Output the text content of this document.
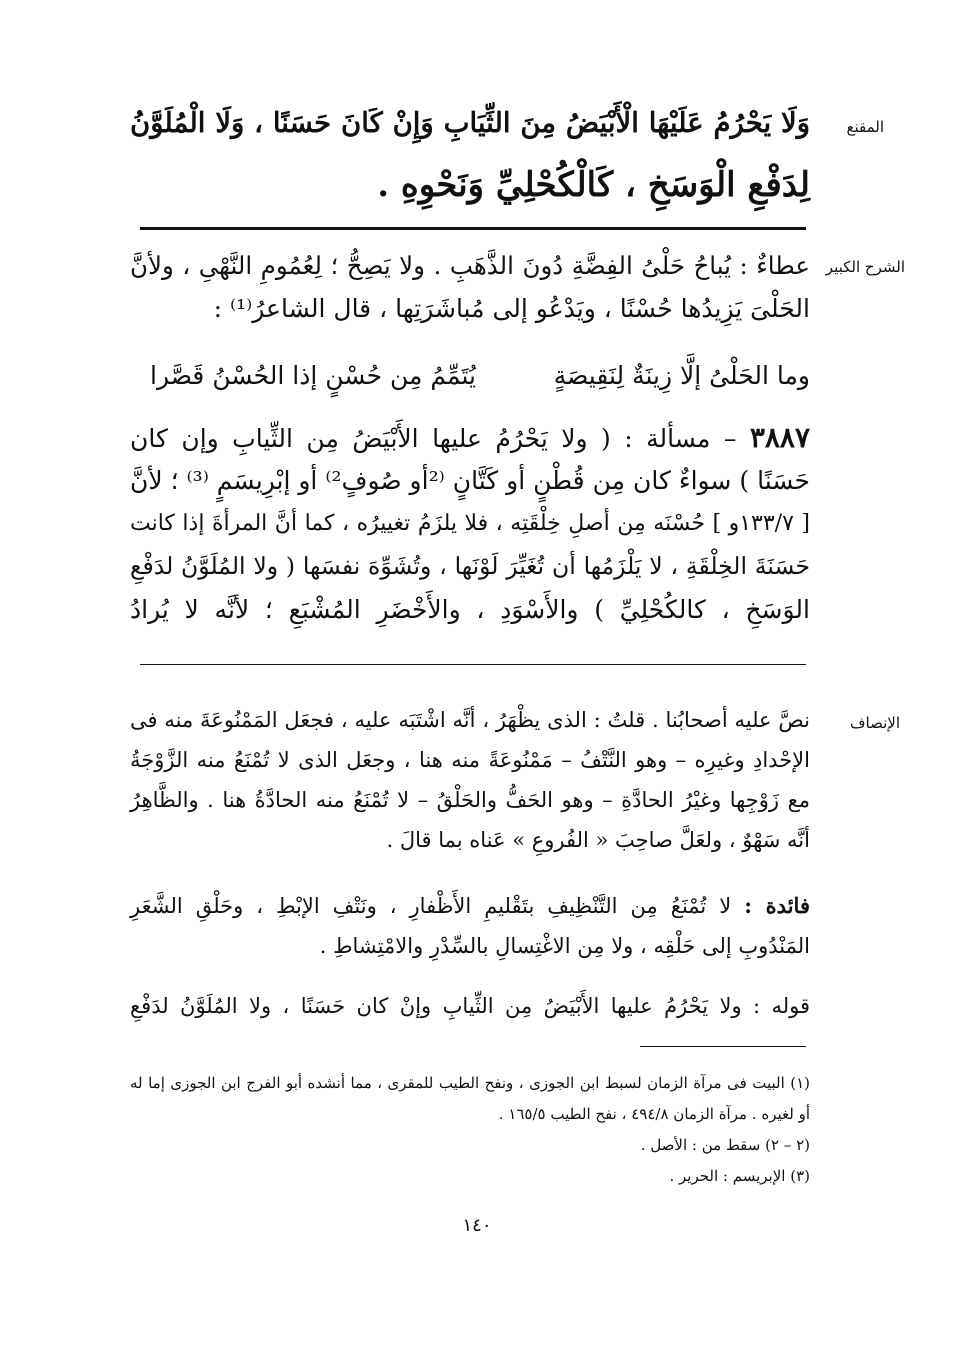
المقنع
وَلَا يَحْرُمُ عَلَيْهَا الْأَبْيَضُ مِنَ الثِّيَابِ وَإِنْ كَانَ حَسَنًا ، وَلَا الْمُلَوَّنُ
لِدَفْعِ الْوَسَخِ ، كَالْكُحْلِيِّ وَنَحْوِهِ .
الشرح الكبير
عطاءٌ : يُباحُ حَلْىُ الفِضَّةِ دُونَ الذَّهَبِ . ولا يَصِحُّ ؛ لِعُمُومِ النَّهْىِ ، ولأنَّ
الحَلْىَ يَزِيدُها حُسْنًا ، ويَدْعُو إلى مُباشَرَتِها ، قال الشاعرُ⁽¹⁾ :
وما الحَلْىُ إلَّا زِينَةٌ لِنَقِيصَةٍ
يُتَمِّمُ مِن حُسْنٍ إذا الحُسْنُ قَصَّرا
٣٨٨٧ – مسألة : ( ولا يَحْرُمُ عليها الأَبْيَضُ مِن الثِّيابِ وإن كان
حَسَنًا ) سواءٌ كان مِن قُطْنٍ أو كَتَّانٍ ⁽²أو صُوفٍ²⁾ أو إبْرِيسَمٍ ⁽³⁾ ؛ لأنَّ
[ ١٣٣/٧و ] حُسْنَه مِن أصلِ خِلْقَتِه ، فلا يلزَمُ تغييرُه ، كما أنَّ المرأةَ إذا كانت
حَسَنَةَ الخِلْقَةِ ، لا يَلْزَمُها أن تُغَيِّرَ لَوْنَها ، وتُشَوِّهَ نفسَها ( ولا المُلَوَّنُ لدَفْعِ
الوَسَخِ ، كالكُحْلِيِّ ) والأَسْوَدِ ، والأَخْضَرِ المُشْبَعِ ؛ لأنَّه لا يُرادُ
الإنصاف
نصَّ عليه أصحابُنا . قلتُ : الذى يظْهَرُ ، أنَّه اشْتَبَه عليه ، فجعَل المَمْنُوعَةَ منه فى
الإحْدادِ وغيرِه – وهو النَّتْفُ – مَمْنُوعَةً منه هنا ، وجعَل الذى لا تُمْنَعُ منه الزَّوْجَةُ
مع زَوْجِها وغيْرُ الحادَّةِ – وهو الحَفُّ والحَلْقُ – لا تُمْنَعُ منه الحادَّةُ هنا . والظَّاهِرُ
أنَّه سَهْوٌ ، ولعَلَّ صاحِبَ « الفُروعِ » عَناه بما قالَ .
فائدة : لا تُمْنَعُ مِن التَّنْظِيفِ بتَقْليمِ الأَظْفارِ ، ونَتْفِ الإبْطِ ، وحَلْقِ الشَّعَرِ
المَنْدُوبِ إلى حَلْقِه ، ولا مِن الاغْتِسالِ بالسِّدْرِ والامْتِشاطِ .
قوله : ولا يَحْرُمُ عليها الأَبْيَضُ مِن الثِّيابِ وإنْ كان حَسَنًا ، ولا المُلَوَّنُ لدَفْعِ
(١) البيت فى مرآة الزمان لسبط ابن الجوزى ، ونفح الطيب للمقرى ، مما أنشده أبو الفرج ابن الجوزى إما له
أو لغيره . مرآة الزمان ٤٩٤/٨ ، نفح الطيب ١٦٥/٥ .
(٢ – ٢) سقط من : الأصل .
(٣) الإبريسم : الحرير .
١٤٠
